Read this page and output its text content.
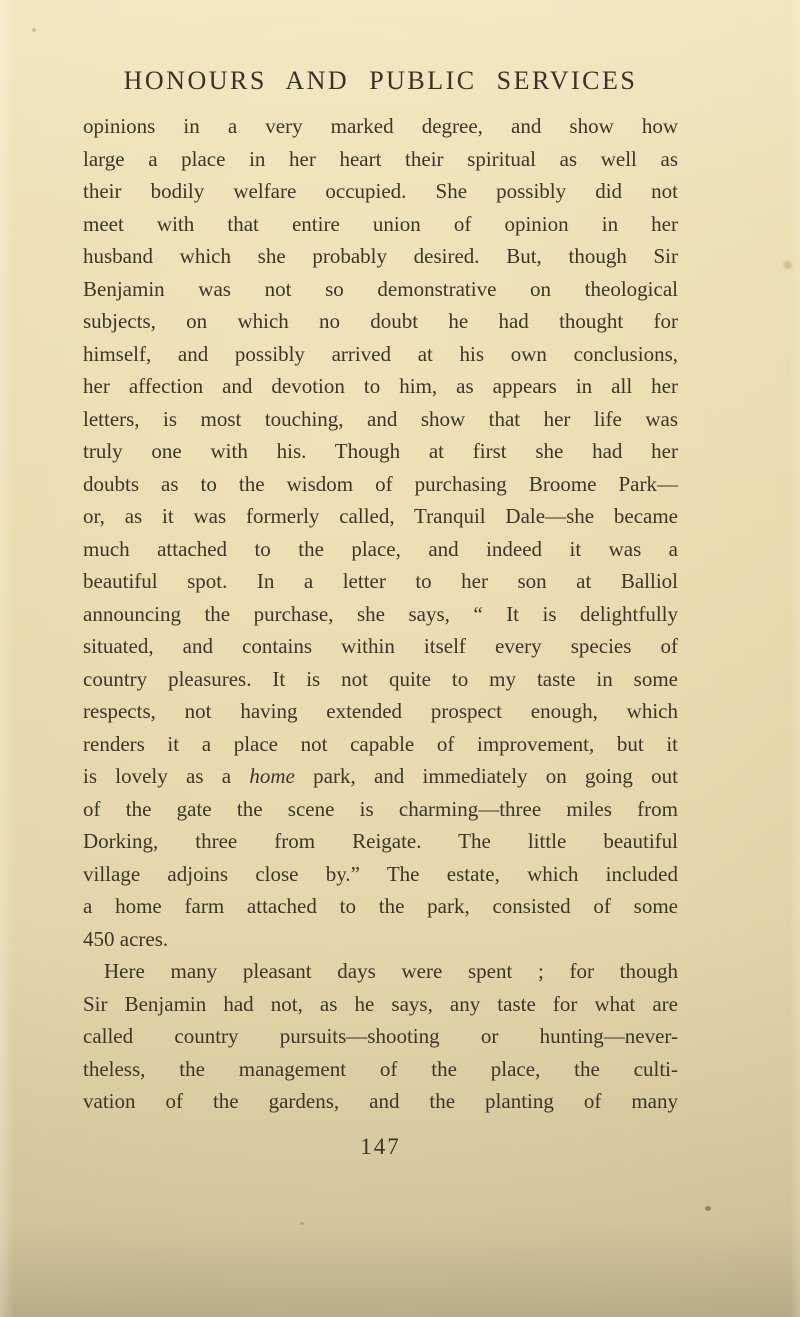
HONOURS AND PUBLIC SERVICES
opinions in a very marked degree, and show how
large a place in her heart their spiritual as well as
their bodily welfare occupied. She possibly did not
meet with that entire union of opinion in her
husband which she probably desired. But, though Sir
Benjamin was not so demonstrative on theological
subjects, on which no doubt he had thought for
himself, and possibly arrived at his own conclusions,
her affection and devotion to him, as appears in all her
letters, is most touching, and show that her life was
truly one with his. Though at first she had her
doubts as to the wisdom of purchasing Broome Park—
or, as it was formerly called, Tranquil Dale—she became
much attached to the place, and indeed it was a
beautiful spot. In a letter to her son at Balliol
announcing the purchase, she says, “ It is delightfully
situated, and contains within itself every species of
country pleasures. It is not quite to my taste in some
respects, not having extended prospect enough, which
renders it a place not capable of improvement, but it
is lovely as a home park, and immediately on going out
of the gate the scene is charming—three miles from
Dorking, three from Reigate. The little beautiful
village adjoins close by.” The estate, which included
a home farm attached to the park, consisted of some
450 acres.
Here many pleasant days were spent ; for though
Sir Benjamin had not, as he says, any taste for what are
called country pursuits—shooting or hunting—never-
theless, the management of the place, the culti-
vation of the gardens, and the planting of many
147
